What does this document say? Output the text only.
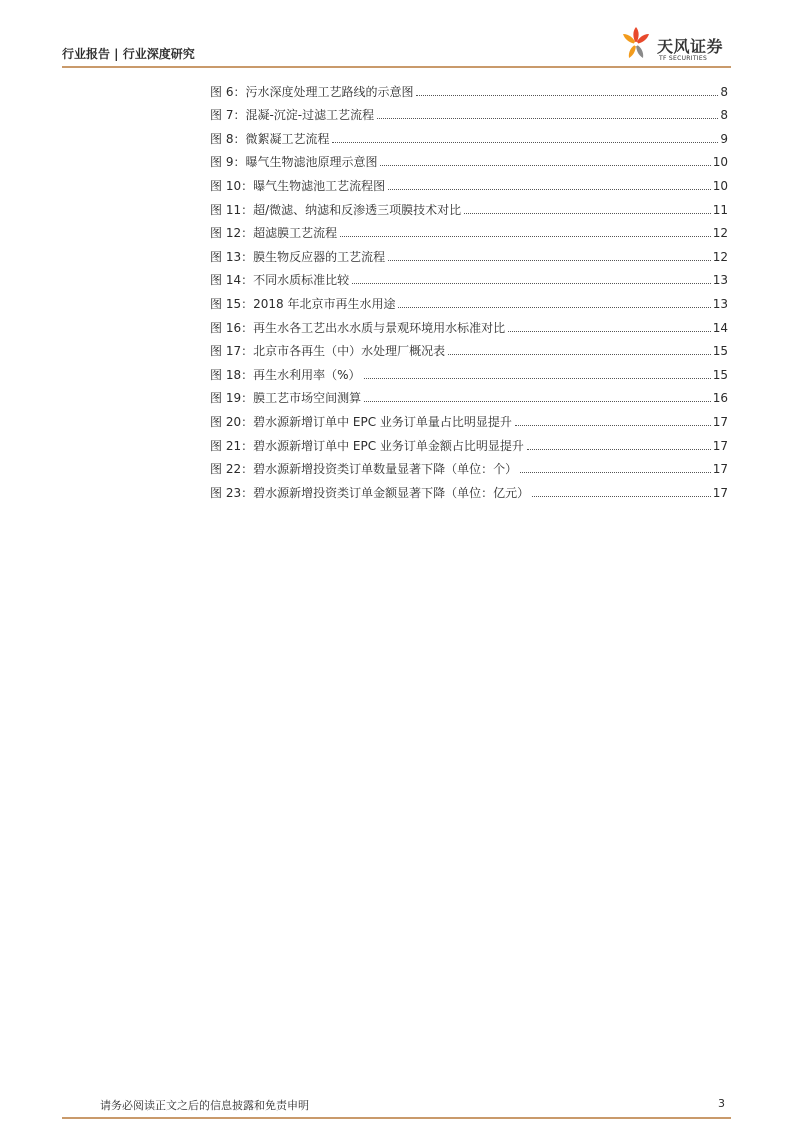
行业报告 | 行业深度研究	天风证券
TF SECURITIES
图 6：污水深度处理工艺路线的示意图	8
图 7：混凝-沉淀-过滤工艺流程	8
图 8：微絮凝工艺流程	9
图 9：曝气生物滤池原理示意图	10
图 10：曝气生物滤池工艺流程图	10
图 11：超/微滤、纳滤和反渗透三项膜技术对比	11
图 12：超滤膜工艺流程	12
图 13：膜生物反应器的工艺流程	12
图 14：不同水质标准比较	13
图 15：2018 年北京市再生水用途	13
图 16：再生水各工艺出水水质与景观环境用水标准对比	14
图 17：北京市各再生（中）水处理厂概况表	15
图 18：再生水利用率（%）	15
图 19：膜工艺市场空间测算	16
图 20：碧水源新增订单中 EPC 业务订单量占比明显提升	17
图 21：碧水源新增订单中 EPC 业务订单金额占比明显提升	17
图 22：碧水源新增投资类订单数量显著下降（单位：个）	17
图 23：碧水源新增投资类订单金额显著下降（单位：亿元）	17
请务必阅读正文之后的信息披露和免责申明	3
